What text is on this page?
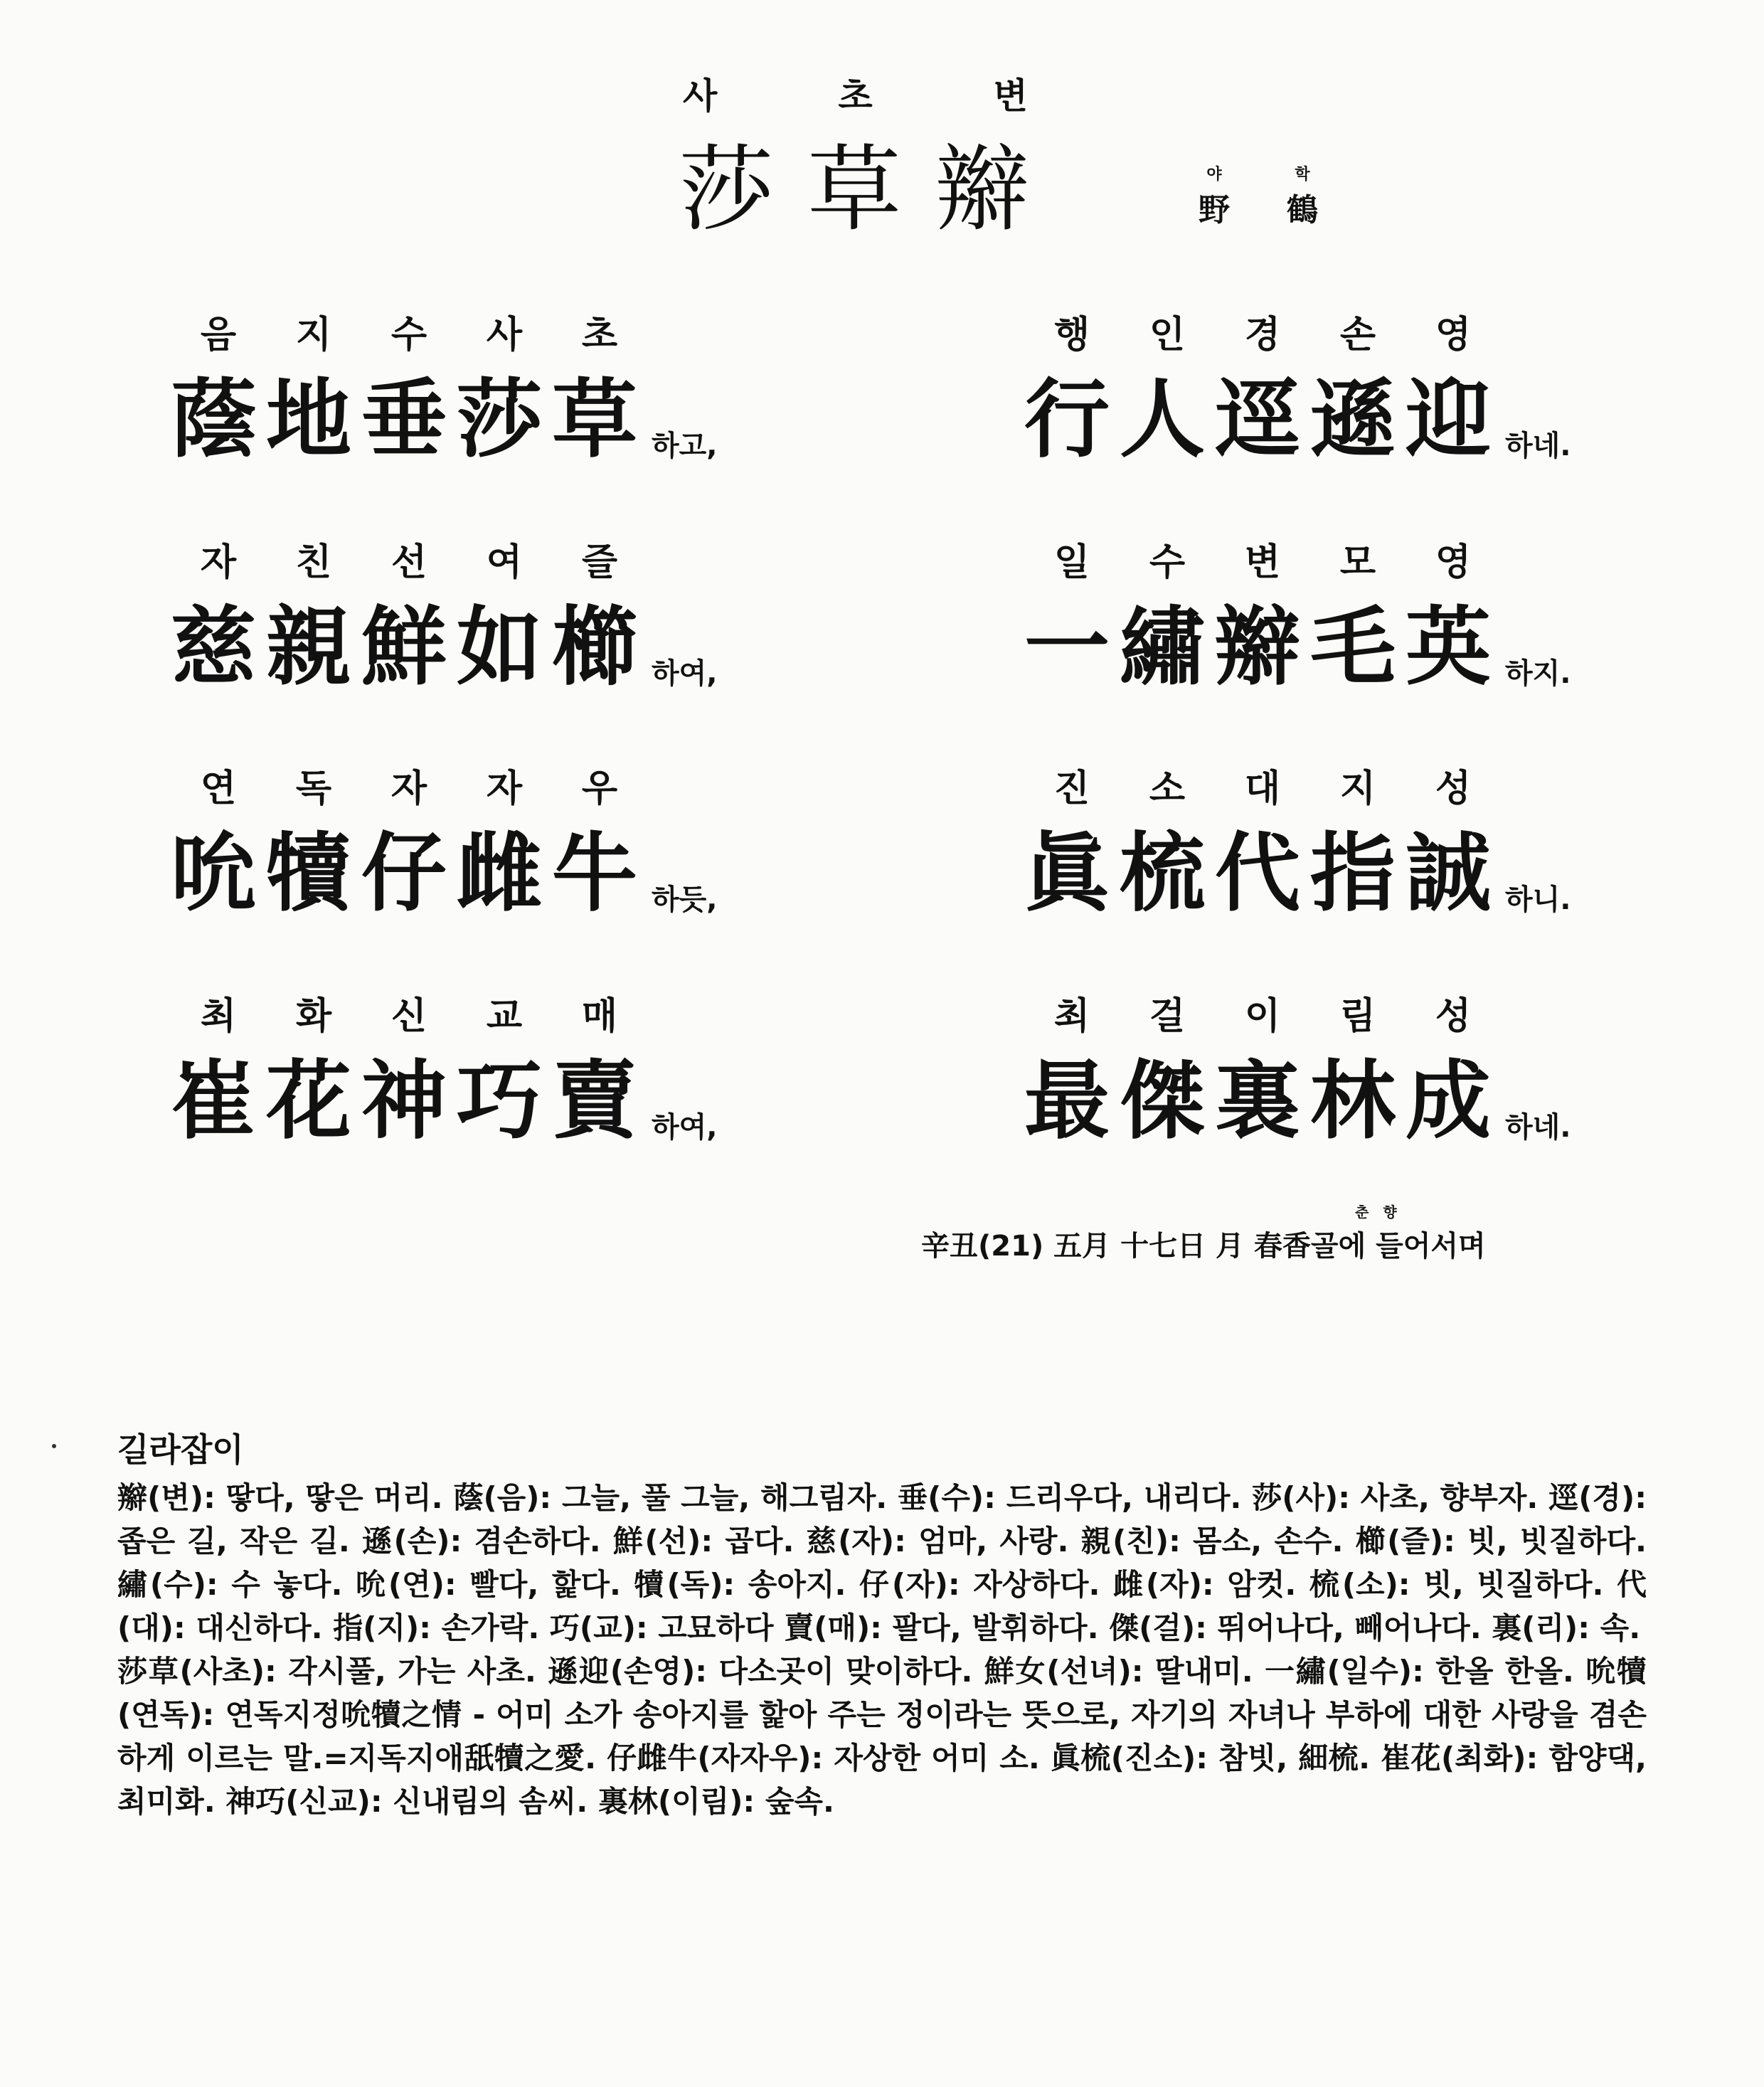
사	초	변
莎草辮	야
野
학
鶴
음	지	수	사	초
蔭地垂莎草 하고,
행	인	경	손	영
行人逕遜迎 하네.
자	친	선	여	즐
慈親鮮如櫛 하여,
일	수	변	모	영
一繡辮毛英 하지.
연	독	자	자	우
吮犢仔雌牛 하듯,
진	소	대	지	성
眞梳代指誠 하니.
최	화	신	교	매
崔花神巧賣 하여,
최	걸	이	림	성
最傑裏林成 하네.
춘향
辛丑(21) 五月 十七日 月 春香골에 들어서며
길라잡이

辮(변): 땋다, 땋은 머리. 蔭(음): 그늘, 풀 그늘, 해그림자. 垂(수): 드리우다, 내리다. 莎(사): 사초, 향부자. 逕(경): 좁은 길, 작은 길. 遜(손): 겸손하다. 鮮(선): 곱다. 慈(자): 엄마, 사랑. 親(친): 몸소, 손수. 櫛(즐): 빗, 빗질하다. 繡(수): 수 놓다. 吮(연): 빨다, 핥다. 犢(독): 송아지. 仔(자): 자상하다. 雌(자): 암컷. 梳(소): 빗, 빗질하다. 代(대): 대신하다. 指(지): 손가락. 巧(교): 고묘하다 賣(매): 팔다, 발휘하다. 傑(걸): 뛰어나다, 빼어나다. 裏(리): 속.

莎草(사초): 각시풀, 가는 사초. 遜迎(손영): 다소곳이 맞이하다. 鮮女(선녀): 딸내미. 一繡(일수): 한올 한올. 吮犢(연독): 연독지정吮犢之情 - 어미 소가 송아지를 핥아 주는 정이라는 뜻으로, 자기의 자녀나 부하에 대한 사랑을 겸손하게 이르는 말.=지독지애舐犢之愛. 仔雌牛(자자우): 자상한 어미 소. 眞梳(진소): 참빗, 細梳. 崔花(최화): 함양댁, 최미화. 神巧(신교): 신내림의 솜씨. 裏林(이림): 숲속.
